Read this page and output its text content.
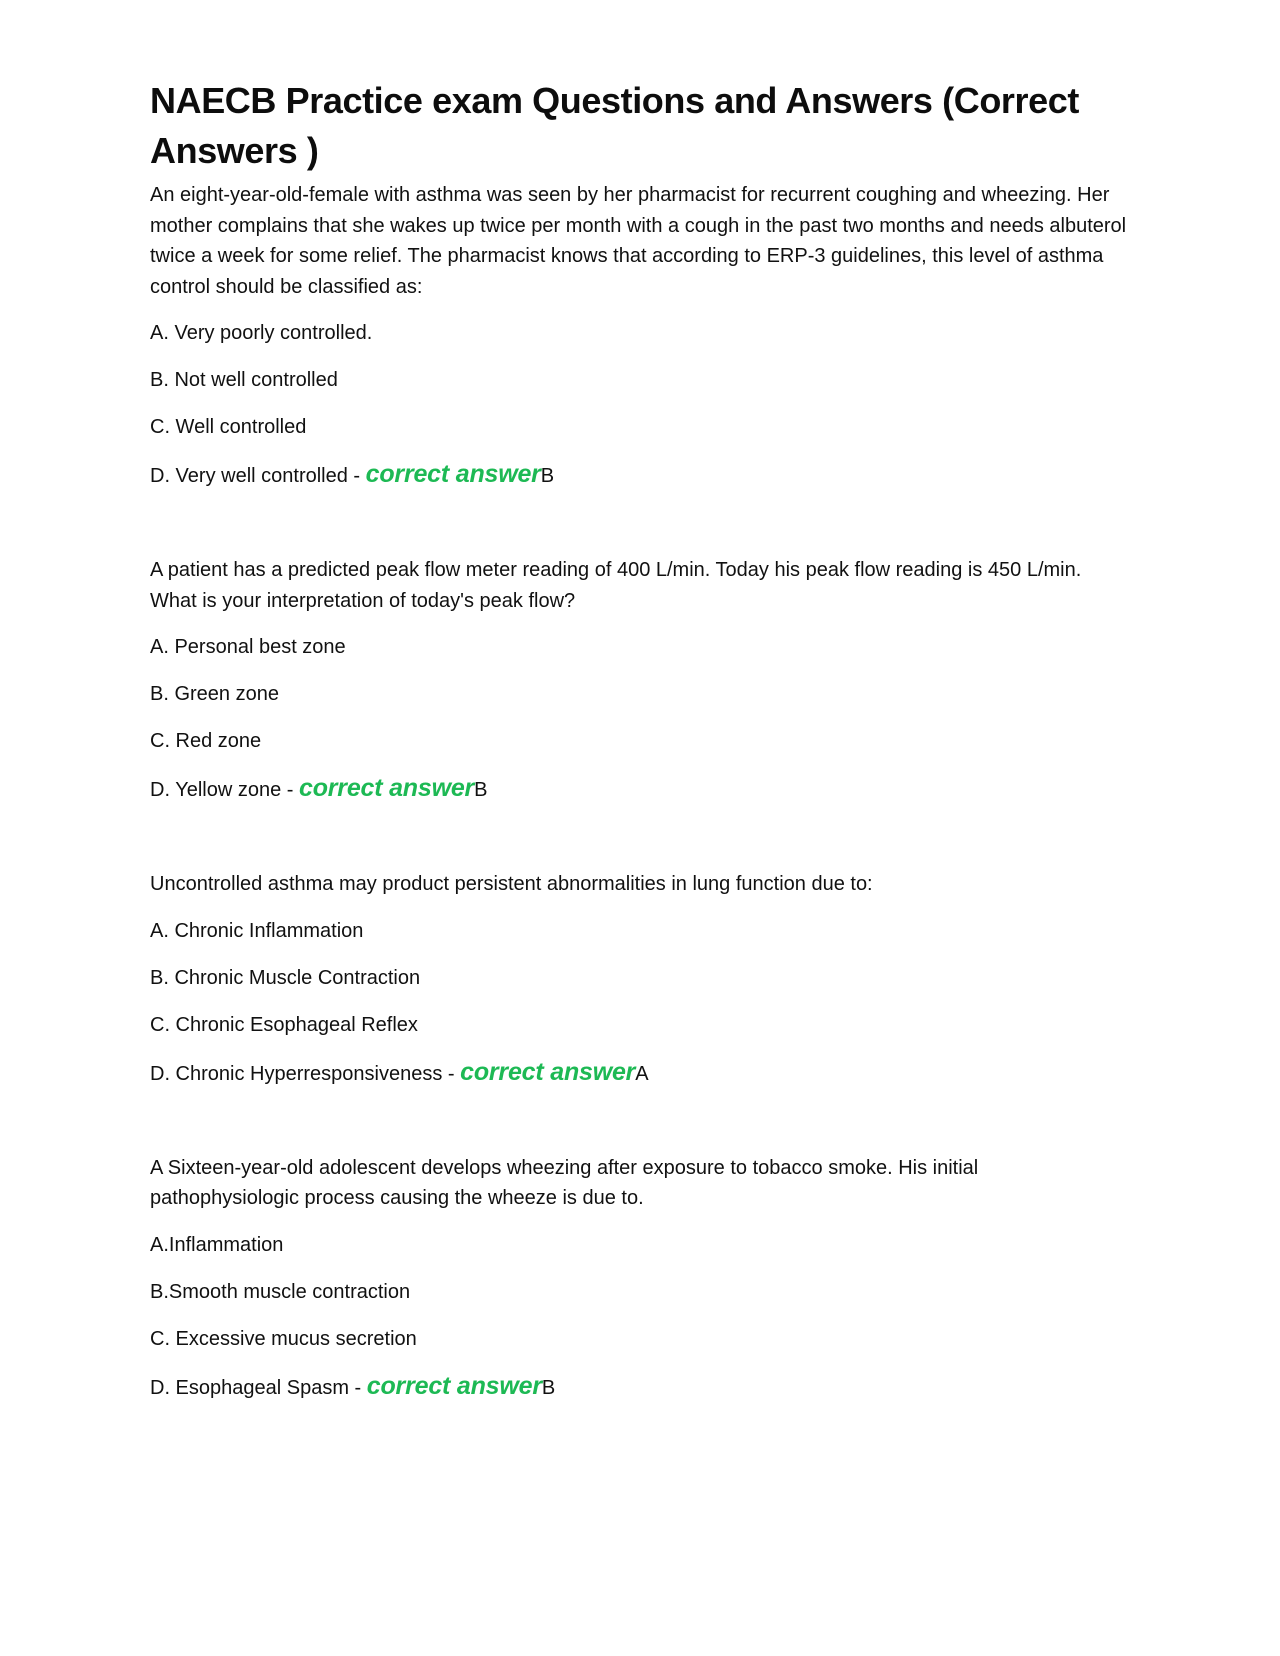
NAECB Practice exam Questions and Answers (Correct Answers )

An eight-year-old-female with asthma was seen by her pharmacist for recurrent coughing and wheezing. Her mother complains that she wakes up twice per month with a cough in the past two months and needs albuterol twice a week for some relief. The pharmacist knows that according to ERP-3 guidelines, this level of asthma control should be classified as:

A. Very poorly controlled.
B. Not well controlled
C. Well controlled
D. Very well controlled - correct answerB

A patient has a predicted peak flow meter reading of 400 L/min. Today his peak flow reading is 450 L/min. What is your interpretation of today's peak flow?

A. Personal best zone
B. Green zone
C. Red zone
D. Yellow zone - correct answerB

Uncontrolled asthma may product persistent abnormalities in lung function due to:

A. Chronic Inflammation
B. Chronic Muscle Contraction
C. Chronic Esophageal Reflex
D. Chronic Hyperresponsiveness - correct answerA

A Sixteen-year-old adolescent develops wheezing after exposure to tobacco smoke. His initial pathophysiologic process causing the wheeze is due to.

A.Inflammation
B.Smooth muscle contraction
C. Excessive mucus secretion
D. Esophageal Spasm - correct answerB
